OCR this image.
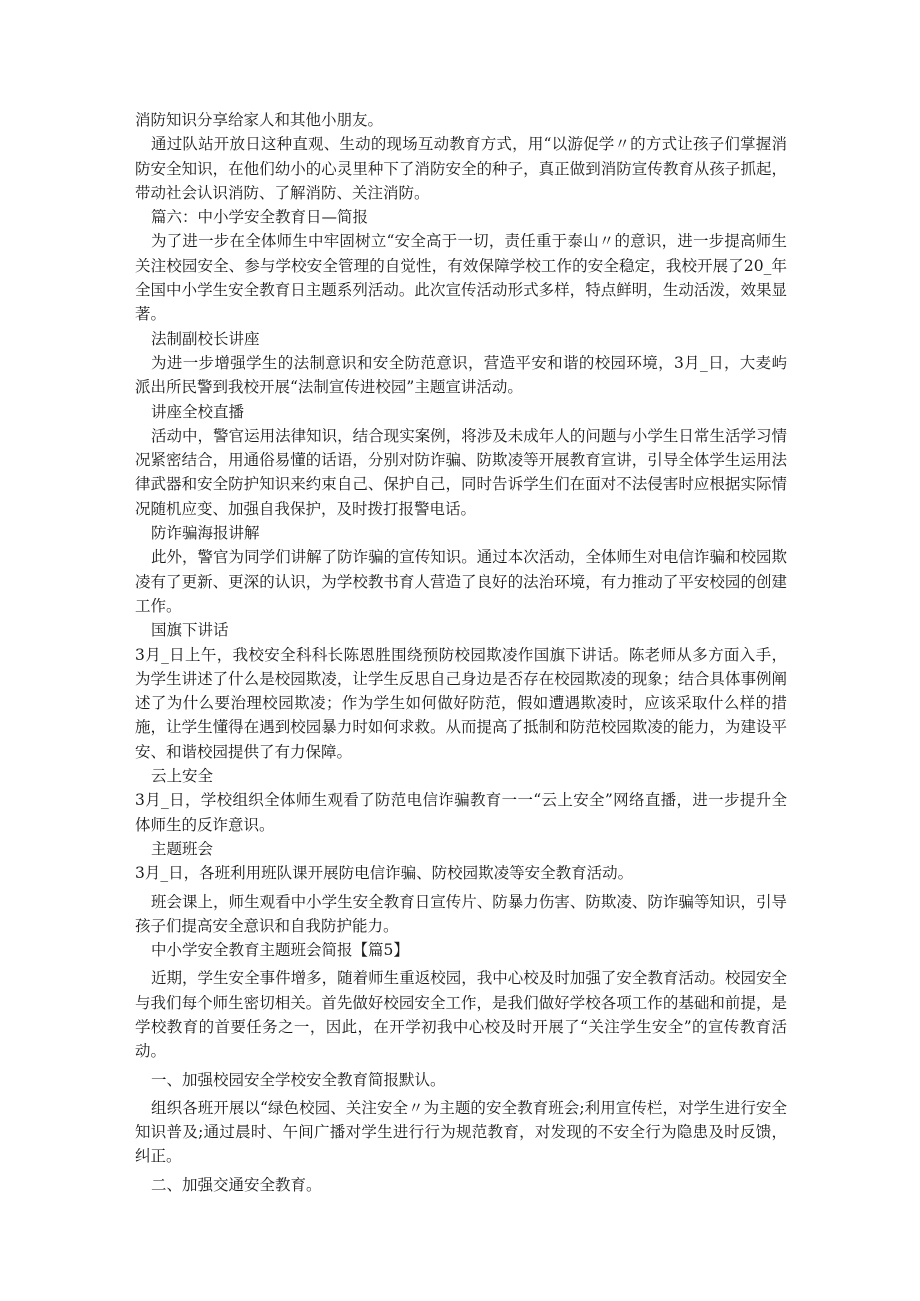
消防知识分享给家人和其他小朋友。

通过队站开放日这种直观、生动的现场互动教育方式，用“以游促学〃的方式让孩子们掌握消防安全知识，在他们幼小的心灵里种下了消防安全的种子，真正做到消防宣传教育从孩子抓起，带动社会认识消防、了解消防、关注消防。

篇六：中小学安全教育日—简报

为了进一步在全体师生中牢固树立“安全高于一切，责任重于泰山〃的意识，进一步提高师生关注校园安全、参与学校安全管理的自觉性，有效保障学校工作的安全稳定，我校开展了20_年全国中小学生安全教育日主题系列活动。此次宣传活动形式多样，特点鲜明，生动活泼，效果显著。

法制副校长讲座

为进一步增强学生的法制意识和安全防范意识，营造平安和谐的校园环境，3月_日，大麦屿派出所民警到我校开展“法制宣传进校园”主题宣讲活动。

讲座全校直播

活动中，警官运用法律知识，结合现实案例，将涉及未成年人的问题与小学生日常生活学习情况紧密结合，用通俗易懂的话语，分别对防诈骗、防欺凌等开展教育宣讲，引导全体学生运用法律武器和安全防护知识来约束自己、保护自己，同时告诉学生们在面对不法侵害时应根据实际情况随机应变、加强自我保护，及时拨打报警电话。

防诈骗海报讲解

此外，警官为同学们讲解了防诈骗的宣传知识。通过本次活动，全体师生对电信诈骗和校园欺凌有了更新、更深的认识，为学校教书育人营造了良好的法治环境，有力推动了平安校园的创建工作。

国旗下讲话

3月_日上午，我校安全科科长陈恩胜围绕预防校园欺凌作国旗下讲话。陈老师从多方面入手，为学生讲述了什么是校园欺凌，让学生反思自己身边是否存在校园欺凌的现象；结合具体事例阐述了为什么要治理校园欺凌；作为学生如何做好防范，假如遭遇欺凌时，应该采取什么样的措施，让学生懂得在遇到校园暴力时如何求救。从而提高了抵制和防范校园欺凌的能力，为建设平安、和谐校园提供了有力保障。

云上安全

3月_日，学校组织全体师生观看了防范电信诈骗教育一一“云上安全”网络直播，进一步提升全体师生的反诈意识。

主题班会

3月_日，各班利用班队课开展防电信诈骗、防校园欺凌等安全教育活动。

班会课上，师生观看中小学生安全教育日宣传片、防暴力伤害、防欺凌、防诈骗等知识，引导孩子们提高安全意识和自我防护能力。

中小学安全教育主题班会简报【篇5】

近期，学生安全事件增多，随着师生重返校园，我中心校及时加强了安全教育活动。校园安全与我们每个师生密切相关。首先做好校园安全工作，是我们做好学校各项工作的基础和前提，是学校教育的首要任务之一，因此，在开学初我中心校及时开展了“关注学生安全”的宣传教育活动。

一、加强校园安全学校安全教育简报默认。

组织各班开展以“绿色校园、关注安全〃为主题的安全教育班会;利用宣传栏，对学生进行安全知识普及;通过晨时、午间广播对学生进行行为规范教育，对发现的不安全行为隐患及时反馈，纠正。

二、加强交通安全教育。
